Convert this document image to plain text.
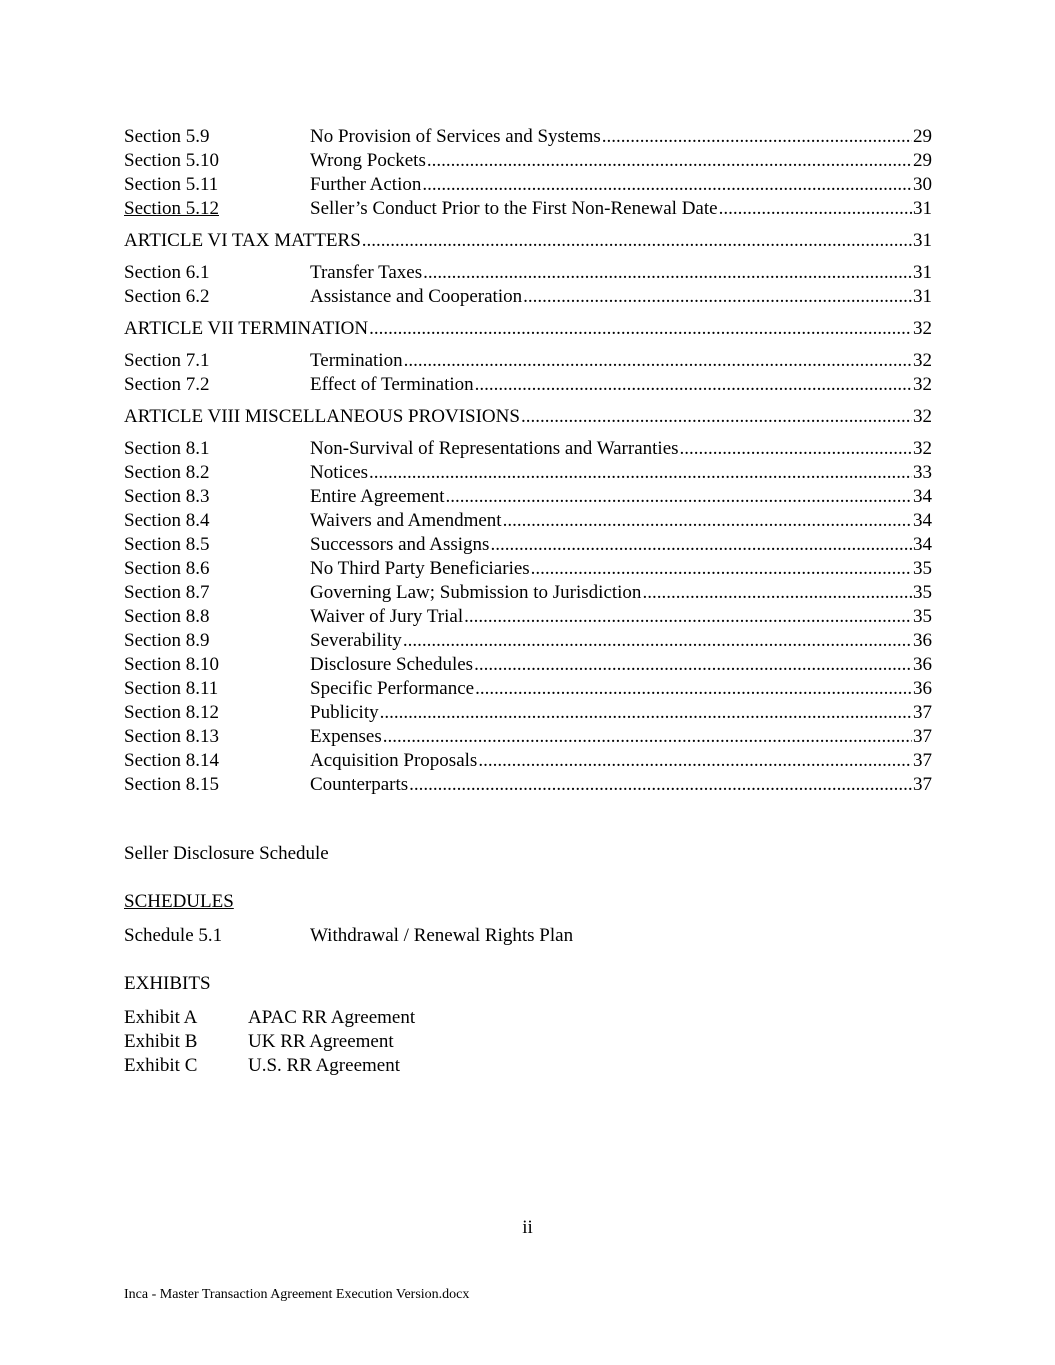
Section 5.9	No Provision of Services and Systems .....	29
Section 5.10	Wrong Pockets .....	29
Section 5.11	Further Action .....	30
Section 5.12	Seller’s Conduct Prior to the First Non-Renewal Date .....	31
ARTICLE VI TAX MATTERS .....	31
Section 6.1	Transfer Taxes .....	31
Section 6.2	Assistance and Cooperation .....	31
ARTICLE VII TERMINATION .....	32
Section 7.1	Termination .....	32
Section 7.2	Effect of Termination .....	32
ARTICLE VIII MISCELLANEOUS PROVISIONS .....	32
Section 8.1	Non-Survival of Representations and Warranties .....	32
Section 8.2	Notices .....	33
Section 8.3	Entire Agreement .....	34
Section 8.4	Waivers and Amendment .....	34
Section 8.5	Successors and Assigns .....	34
Section 8.6	No Third Party Beneficiaries .....	35
Section 8.7	Governing Law; Submission to Jurisdiction .....	35
Section 8.8	Waiver of Jury Trial .....	35
Section 8.9	Severability .....	36
Section 8.10	Disclosure Schedules .....	36
Section 8.11	Specific Performance .....	36
Section 8.12	Publicity .....	37
Section 8.13	Expenses .....	37
Section 8.14	Acquisition Proposals .....	37
Section 8.15	Counterparts .....	37
Seller Disclosure Schedule
SCHEDULES
Schedule 5.1	Withdrawal / Renewal Rights Plan
EXHIBITS
Exhibit A	APAC RR Agreement
Exhibit B	UK RR Agreement
Exhibit C	U.S. RR Agreement
ii
Inca - Master Transaction Agreement Execution Version.docx
